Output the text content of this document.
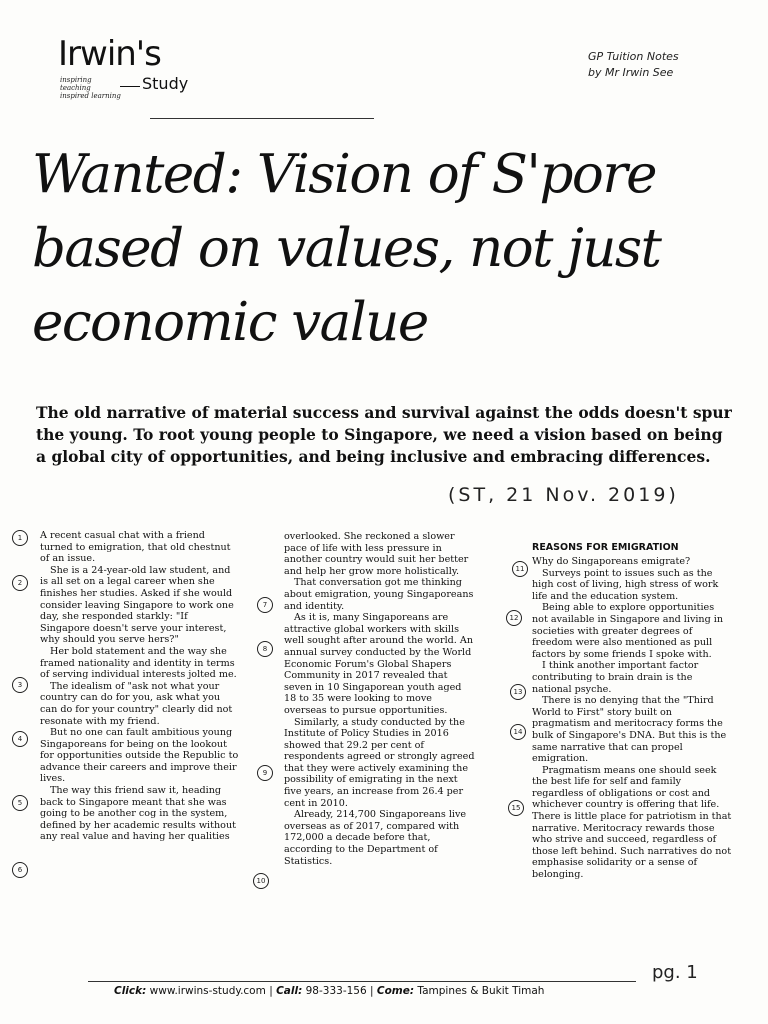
Irwin's
inspiring teaching inspired learning
Study
GP Tuition Notes
by Mr Irwin See
Wanted: Vision of S'pore based on values, not just economic value

The old narrative of material success and survival against the odds doesn't spur the young. To root young people to Singapore, we need a vision based on being a global city of opportunities, and being inclusive and embracing differences.

(ST, 21 Nov. 2019)
1
2
3
4
5
6
7
8
9
10
11
12
13
14
15

A recent casual chat with a friend turned to emigration, that old chestnut of an issue.

She is a 24-year-old law student, and is all set on a legal career when she finishes her studies. Asked if she would consider leaving Singapore to work one day, she responded starkly: "If Singapore doesn't serve your interest, why should you serve hers?"

Her bold statement and the way she framed nationality and identity in terms of serving individual interests jolted me.

The idealism of "ask not what your country can do for you, ask what you can do for your country" clearly did not resonate with my friend.

But no one can fault ambitious young Singaporeans for being on the lookout for opportunities outside the Republic to advance their careers and improve their lives.

The way this friend saw it, heading back to Singapore meant that she was going to be another cog in the system, defined by her academic results without any real value and having her qualities

overlooked. She reckoned a slower pace of life with less pressure in another country would suit her better and help her grow more holistically.

That conversation got me thinking about emigration, young Singaporeans and identity.

As it is, many Singaporeans are attractive global workers with skills well sought after around the world. An annual survey conducted by the World Economic Forum's Global Shapers Community in 2017 revealed that seven in 10 Singaporean youth aged 18 to 35 were looking to move overseas to pursue opportunities.

Similarly, a study conducted by the Institute of Policy Studies in 2016 showed that 29.2 per cent of respondents agreed or strongly agreed that they were actively examining the possibility of emigrating in the next five years, an increase from 26.4 per cent in 2010.

Already, 214,700 Singaporeans live overseas as of 2017, compared with 172,000 a decade before that, according to the Department of Statistics.

REASONS FOR EMIGRATION

Why do Singaporeans emigrate?

Surveys point to issues such as the high cost of living, high stress of work life and the education system.

Being able to explore opportunities not available in Singapore and living in societies with greater degrees of freedom were also mentioned as pull factors by some friends I spoke with.

I think another important factor contributing to brain drain is the national psyche.

There is no denying that the "Third World to First" story built on pragmatism and meritocracy forms the bulk of Singapore's DNA. But this is the same narrative that can propel emigration.

Pragmatism means one should seek the best life for self and family regardless of obligations or cost and whichever country is offering that life. There is little place for patriotism in that narrative. Meritocracy rewards those who strive and succeed, regardless of those left behind. Such narratives do not emphasise solidarity or a sense of belonging.

pg. 1
Click: www.irwins-study.com | Call: 98-333-156 | Come: Tampines & Bukit Timah
